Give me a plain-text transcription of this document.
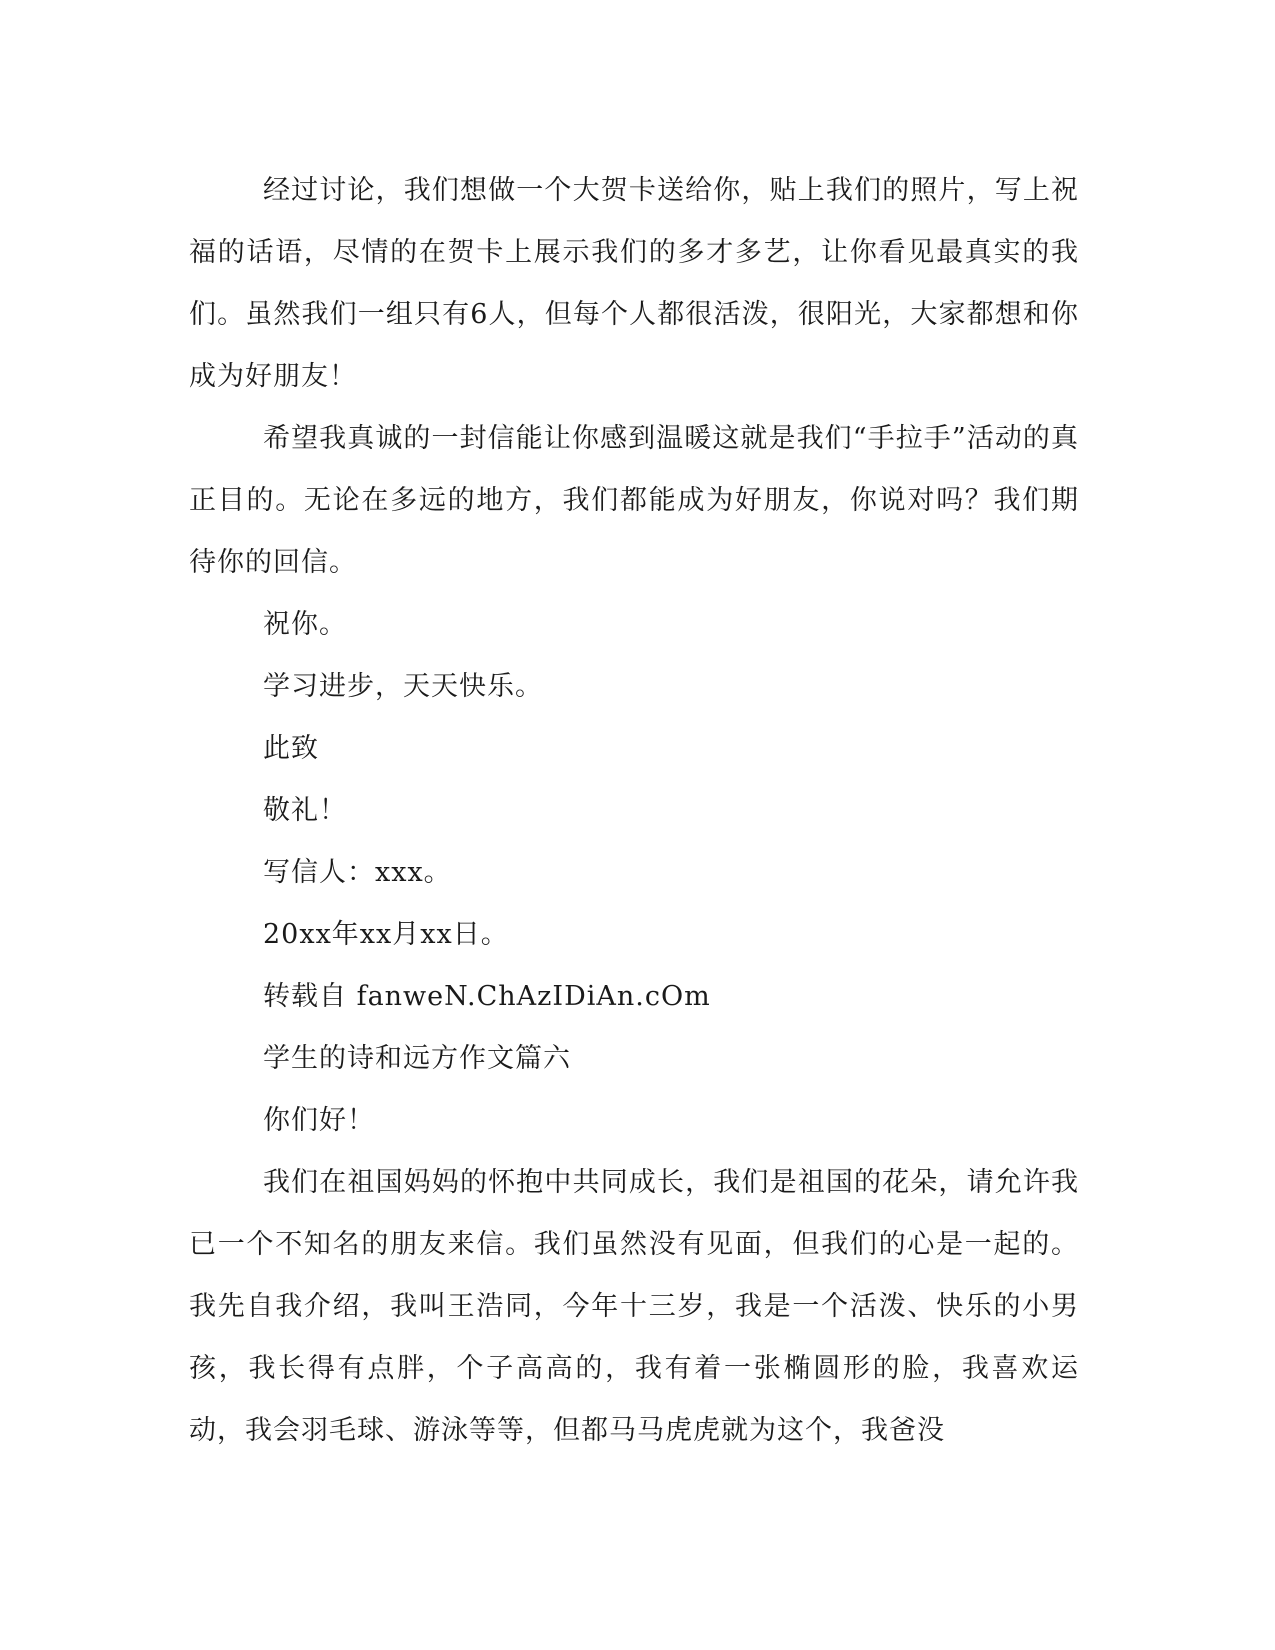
经过讨论，我们想做一个大贺卡送给你，贴上我们的照片，写上祝福的话语，尽情的在贺卡上展示我们的多才多艺，让你看见最真实的我们。虽然我们一组只有6人，但每个人都很活泼，很阳光，大家都想和你成为好朋友！

希望我真诚的一封信能让你感到温暖这就是我们“手拉手”活动的真正目的。无论在多远的地方，我们都能成为好朋友，你说对吗？我们期待你的回信。

祝你。

学习进步，天天快乐。

此致

敬礼！

写信人：xxx。

20xx年xx月xx日。

转载自 fanweN.ChAzIDiAn.cOm

学生的诗和远方作文篇六

你们好！

我们在祖国妈妈的怀抱中共同成长，我们是祖国的花朵，请允许我已一个不知名的朋友来信。我们虽然没有见面，但我们的心是一起的。我先自我介绍，我叫王浩同，今年十三岁，我是一个活泼、快乐的小男孩，我长得有点胖，个子高高的，我有着一张椭圆形的脸，我喜欢运动，我会羽毛球、游泳等等，但都马马虎虎就为这个，我爸没
